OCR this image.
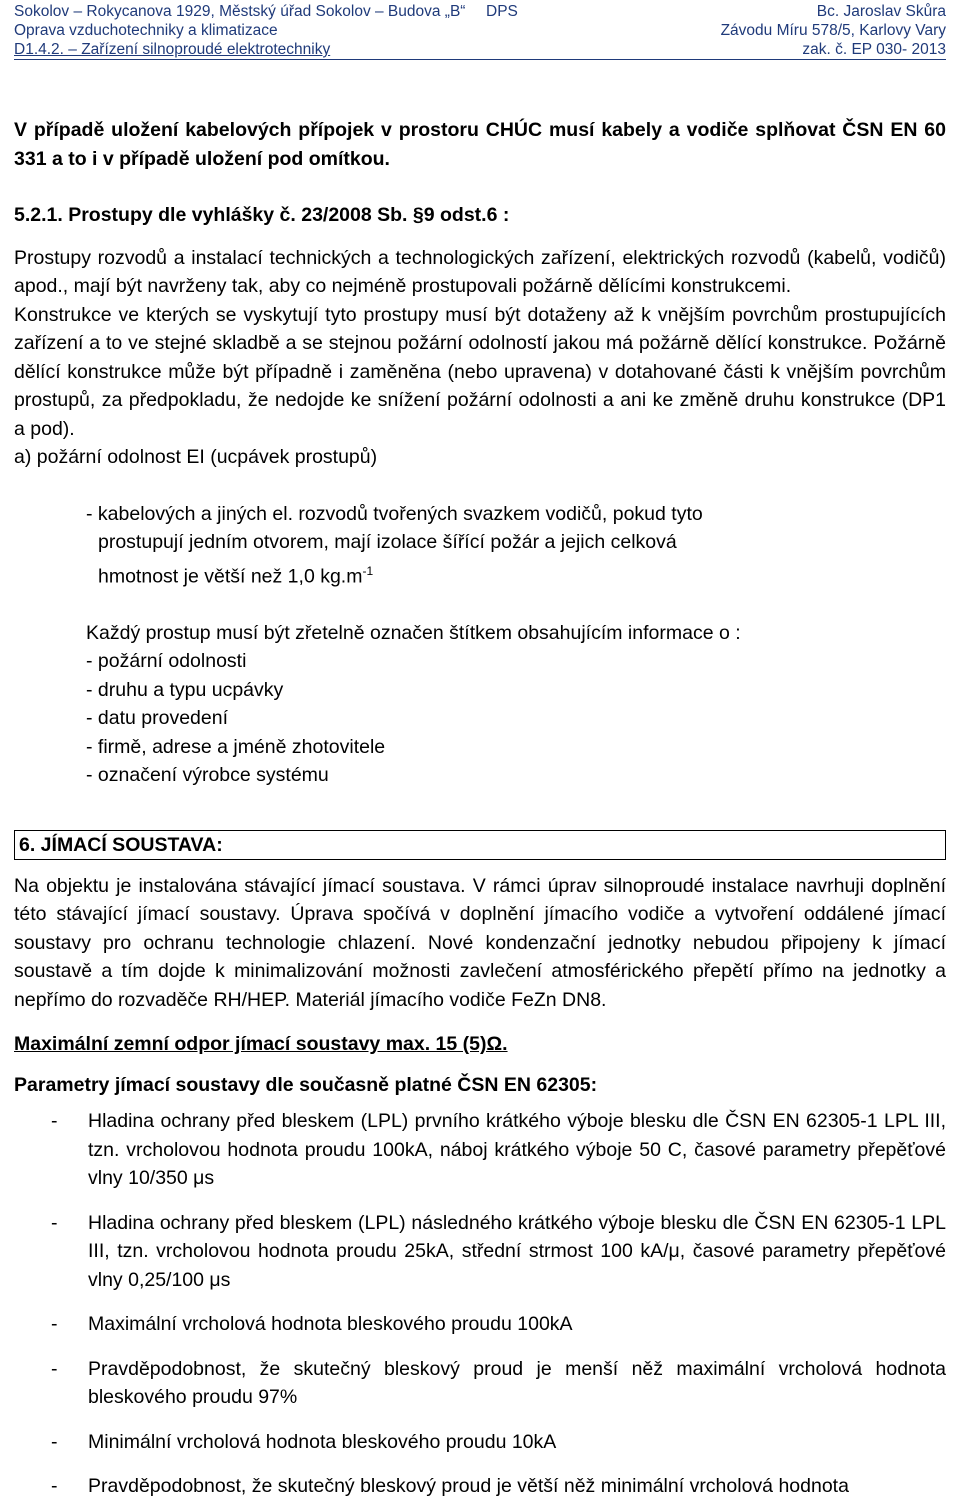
Sokolov – Rokycanova 1929, Městský úřad Sokolov – Budova „B“ DPS	Bc. Jaroslav Skůra
Oprava vzduchotechniky a klimatizace	Závodu Míru 578/5, Karlovy Vary
D1.4.2. – Zařízení silnoproudé elektrotechniky	zak. č. EP 030- 2013

V případě uložení kabelových přípojek v prostoru CHÚC musí kabely a vodiče splňovat ČSN EN 60 331 a to i v případě uložení pod omítkou.

5.2.1. Prostupy dle vyhlášky č. 23/2008 Sb. §9 odst.6 :

Prostupy rozvodů a instalací technických a technologických zařízení, elektrických rozvodů (kabelů, vodičů) apod., mají být navrženy tak, aby co nejméně prostupovali požárně dělícími konstrukcemi.

Konstrukce ve kterých se vyskytují tyto prostupy musí být dotaženy až k vnějším povrchům prostupujících zařízení a to ve stejné skladbě a se stejnou požární odolností jakou má požárně dělící konstrukce. Požárně dělící konstrukce může být případně i zaměněna (nebo upravena) v dotahované části k vnějším povrchům prostupů, za předpokladu, že nedojde ke snížení požární odolnosti a ani ke změně druhu konstrukce (DP1 a pod).

a) požární odolnost EI (ucpávek prostupů)

- kabelových a jiných el. rozvodů tvořených svazkem vodičů, pokud tyto
prostupují jedním otvorem, mají izolace šířící požár a jejich celková
hmotnost je větší než 1,0 $kg.m^{-1}$
Každý prostup musí být zřetelně označen štítkem obsahujícím informace o :
- požární odolnosti
- druhu a typu ucpávky
- datu provedení
- firmě, adrese a jméně zhotovitele
- označení výrobce systému
6. JÍMACÍ SOUSTAVA:

Na objektu je instalována stávající jímací soustava. V rámci úprav silnoproudé instalace navrhuji doplnění této stávající jímací soustavy. Úprava spočívá v doplnění jímacího vodiče a vytvoření oddálené jímací soustavy pro ochranu technologie chlazení. Nové kondenzační jednotky nebudou připojeny k jímací soustavě a tím dojde k minimalizování možnosti zavlečení atmosférického přepětí přímo na jednotky a nepřímo do rozvaděče RH/HEP. Materiál jímacího vodiče FeZn DN8.

Maximální zemní odpor jímací soustavy max. 15 (5)Ω.

Parametry jímací soustavy dle současně platné ČSN EN 62305:

- Hladina ochrany před bleskem (LPL) prvního krátkého výboje blesku dle ČSN EN 62305-1 LPL III, tzn. vrcholovou hodnota proudu 100kA, náboj krátkého výboje 50 C, časové parametry přepěťové vlny 10/350 μs
- Hladina ochrany před bleskem (LPL) následného krátkého výboje blesku dle ČSN EN 62305-1 LPL III, tzn. vrcholovou hodnota proudu 25kA, střední strmost 100 kA/μ, časové parametry přepěťové vlny 0,25/100 μs
- Maximální vrcholová hodnota bleskového proudu 100kA
- Pravděpodobnost, že skutečný bleskový proud je menší něž maximální vrcholová hodnota bleskového proudu 97%
- Minimální vrcholová hodnota bleskového proudu 10kA
- Pravděpodobnost, že skutečný bleskový proud je větší něž minimální vrcholová hodnota
